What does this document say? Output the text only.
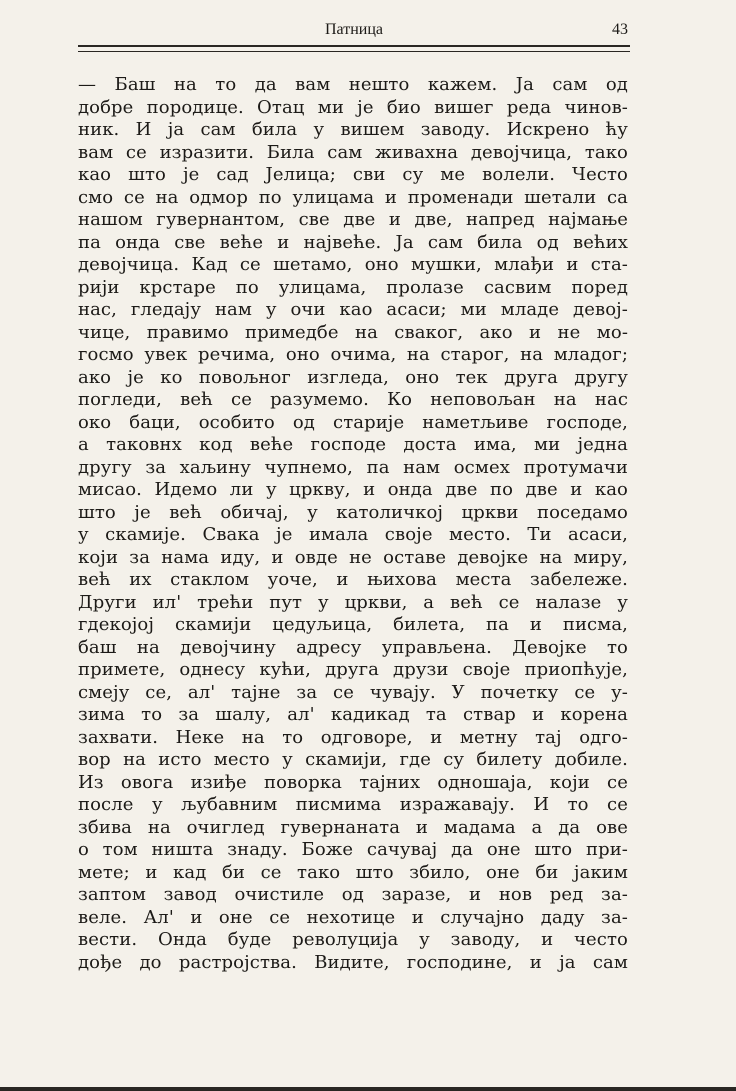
Патница	43
— Баш на то да вам нешто кажем. Ја сам од
добре породице. Отац ми је био вишег реда чинов-
ник. И ја сам била у вишем заводу. Искрено ћу
вам се изразити. Била сам живахна девојчица, тако
као што је сад Јелица; сви су ме волели. Често
смо се на одмор по улицама и променади шетали са
нашом гувернантом, све две и две, напред најмање
па онда све веће и највеће. Ја сам била од већих
девојчица. Кад се шетамо, оно мушки, млађи и ста-
рији крстаре по улицама, пролазе сасвим поред
нас, гледају нам у очи као асаси; ми младе девој-
чице, правимо примедбе на сваког, ако и не мо-
госмо увек речима, оно очима, на старог, на младог;
ако је ко повољног изгледа, оно тек друга другу
погледи, већ се разумемо. Ко неповољан на нас
око баци, особито од старије наметљиве господе,
а таковнх код веће господе доста има, ми једна
другу за хаљину чупнемо, па нам осмех протумачи
мисао. Идемо ли у цркву, и онда две по две и као
што је већ обичај, у католичкој цркви поседамо
у скамије. Свака је имала своје место. Ти асаси,
који за нама иду, и овде не оставе девојке на миру,
већ их стаклом уоче, и њихова места забележе.
Други ил' трећи пут у цркви, а већ се налазе у
гдекојој скамији цедуљица, билета, па и писма,
баш на девојчину адресу управљена. Девојке то
примете, однесу кући, друга друзи своје приопћује,
смеју се, ал' тајне за се чувају. У почетку се у-
зима то за шалу, ал' кадикад та ствар и корена
захвати. Неке на то одговоре, и метну тај одго-
вор на исто место у скамији, где су билету добиле.
Из овога изиђе поворка тајних одношаја, који се
после у љубавним писмима изражавају. И то се
збива на очиглед гувернаната и мадама а да ове
о том ништа знаду. Боже сачувај да оне што при-
мете; и кад би се тако што збило, оне би јаким
заптом завод очистиле од заразе, и нов ред за-
веле. Ал' и оне се нехотице и случајно даду за-
вести. Онда буде револуција у заводу, и често
дође до растројства. Видите, господине, и ја сам
